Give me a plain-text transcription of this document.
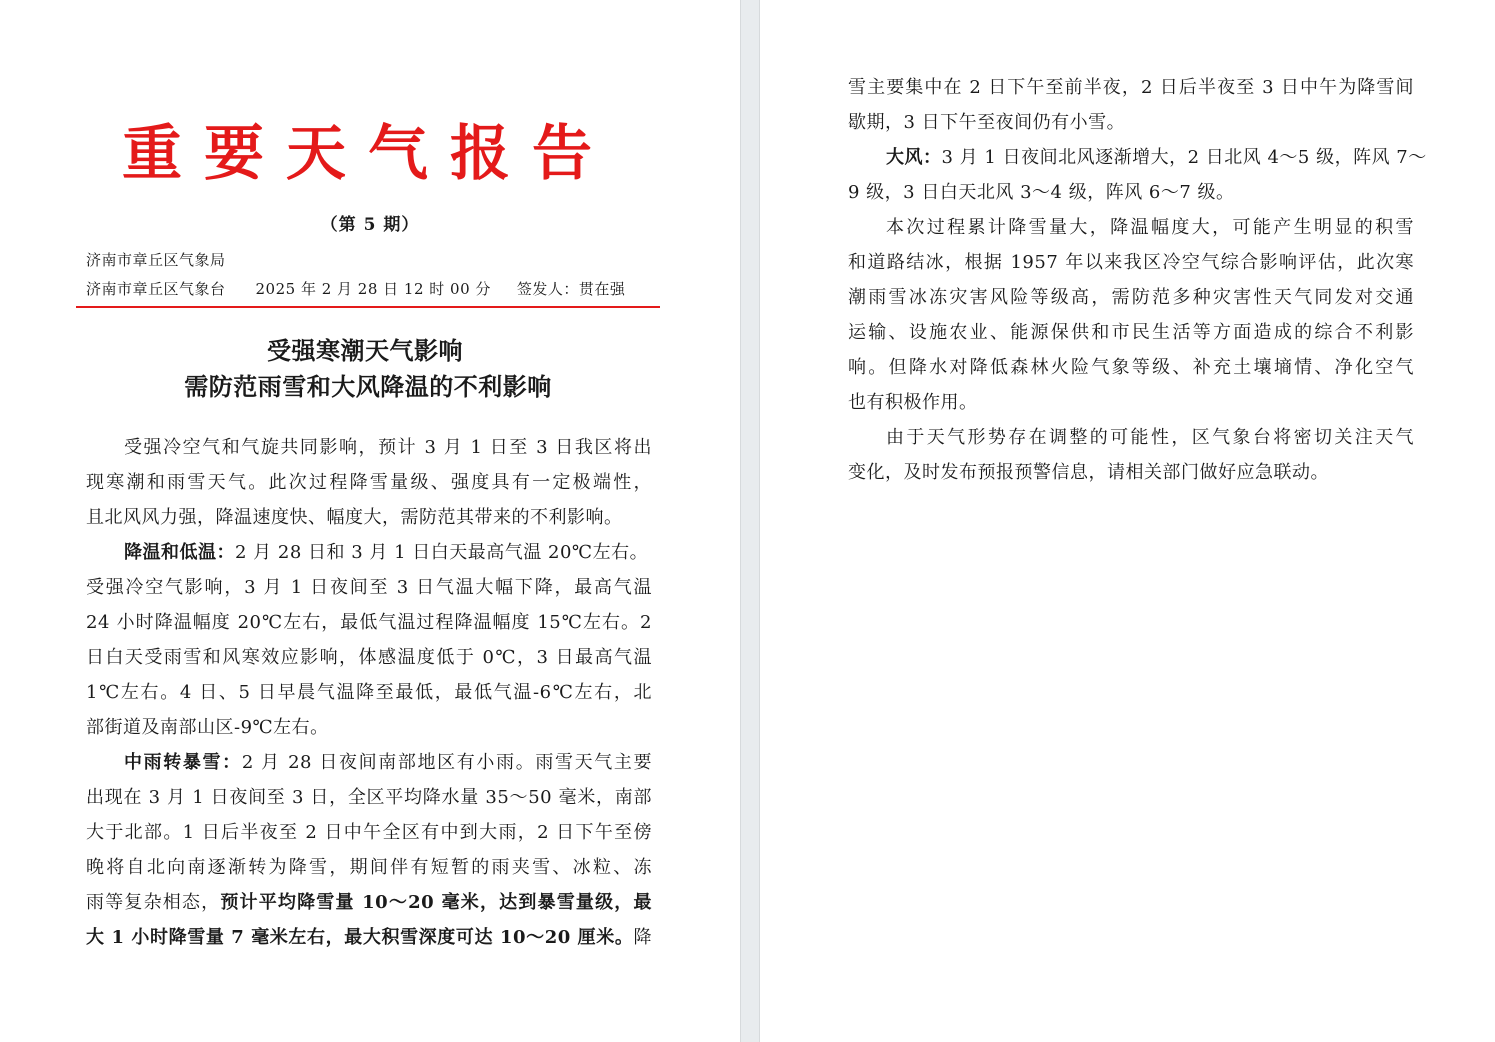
重要天气报告
（第 5 期）
济南市章丘区气象局
济南市章丘区气象台 2025 年 2 月 28 日 12 时 00 分 签发人：贯在强
受强寒潮天气影响
需防范雨雪和大风降温的不利影响
受强冷空气和气旋共同影响，预计 3 月 1 日至 3 日我区将出
现寒潮和雨雪天气。此次过程降雪量级、强度具有一定极端性，
且北风风力强，降温速度快、幅度大，需防范其带来的不利影响。
降温和低温：2 月 28 日和 3 月 1 日白天最高气温 20℃左右。
受强冷空气影响，3 月 1 日夜间至 3 日气温大幅下降，最高气温
24 小时降温幅度 20℃左右，最低气温过程降温幅度 15℃左右。2
日白天受雨雪和风寒效应影响，体感温度低于 0℃，3 日最高气温
1℃左右。4 日、5 日早晨气温降至最低，最低气温-6℃左右，北
部街道及南部山区-9℃左右。
中雨转暴雪：2 月 28 日夜间南部地区有小雨。雨雪天气主要
出现在 3 月 1 日夜间至 3 日，全区平均降水量 35～50 毫米，南部
大于北部。1 日后半夜至 2 日中午全区有中到大雨，2 日下午至傍
晚将自北向南逐渐转为降雪，期间伴有短暂的雨夹雪、冰粒、冻
雨等复杂相态，预计平均降雪量 10～20 毫米，达到暴雪量级，最
大 1 小时降雪量 7 毫米左右，最大积雪深度可达 10～20 厘米。降
雪主要集中在 2 日下午至前半夜，2 日后半夜至 3 日中午为降雪间
歇期，3 日下午至夜间仍有小雪。
大风：3 月 1 日夜间北风逐渐增大，2 日北风 4～5 级，阵风 7～
9 级，3 日白天北风 3～4 级，阵风 6～7 级。
本次过程累计降雪量大，降温幅度大，可能产生明显的积雪
和道路结冰，根据 1957 年以来我区冷空气综合影响评估，此次寒
潮雨雪冰冻灾害风险等级高，需防范多种灾害性天气同发对交通
运输、设施农业、能源保供和市民生活等方面造成的综合不利影
响。但降水对降低森林火险气象等级、补充土壤墒情、净化空气
也有积极作用。
由于天气形势存在调整的可能性，区气象台将密切关注天气
变化，及时发布预报预警信息，请相关部门做好应急联动。
